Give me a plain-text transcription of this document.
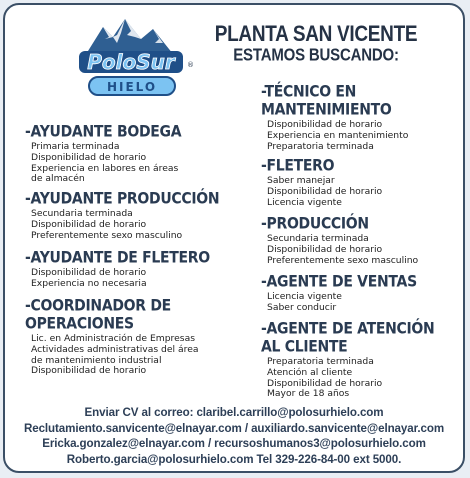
PoloSur ®
HIELO
PLANTA SAN VICENTE
ESTAMOS BUSCANDO:
-AYUDANTE BODEGA
Primaria terminada
Disponibilidad de horario
Experiencia en labores en áreas
de almacén
-AYUDANTE PRODUCCIÓN
Secundaria terminada
Disponibilidad de horario
Preferentemente sexo masculino
-AYUDANTE DE FLETERO
Disponibilidad de horario
Experiencia no necesaria
-COORDINADOR DE
OPERACIONES
Lic. en Administración de Empresas
Actividades administrativas del área
de mantenimiento industrial
Disponibilidad de horario
-TÉCNICO EN
MANTENIMIENTO
Disponibilidad de horario
Experiencia en mantenimiento
Preparatoria terminada
-FLETERO
Saber manejar
Disponibilidad de horario
Licencia vigente
-PRODUCCIÓN
Secundaria terminada
Disponibilidad de horario
Preferentemente sexo masculino
-AGENTE DE VENTAS
Licencia vigente
Saber conducir
-AGENTE DE ATENCIÓN
AL CLIENTE
Preparatoria terminada
Atención al cliente
Disponibilidad de horario
Mayor de 18 años
Enviar CV al correo: claribel.carrillo@polosurhielo.com
Reclutamiento.sanvicente@elnayar.com / auxiliardo.sanvicente@elnayar.com
Ericka.gonzalez@elnayar.com / recursoshumanos3@polosurhielo.com
Roberto.garcia@polosurhielo.com Tel 329-226-84-00 ext 5000.
